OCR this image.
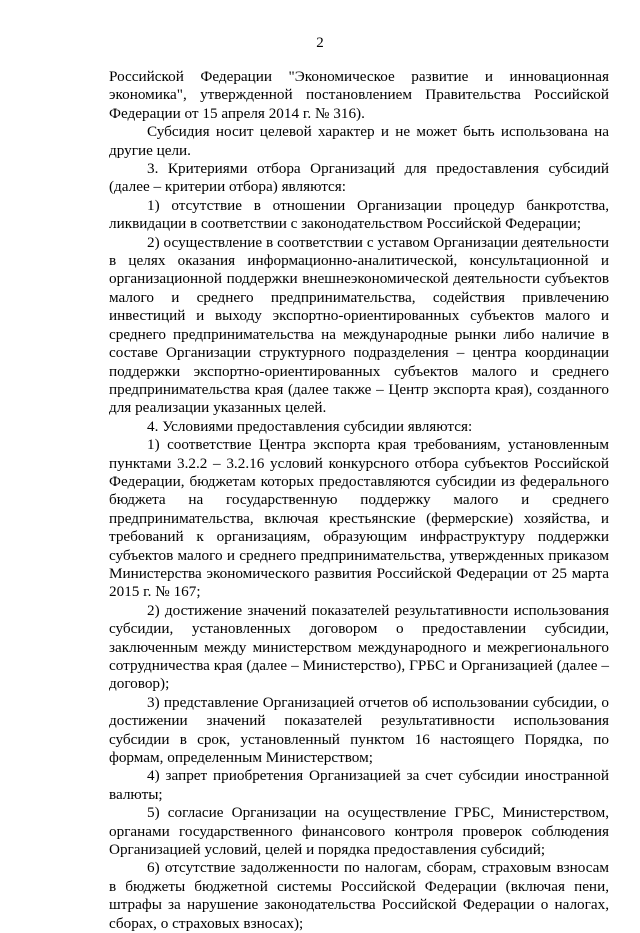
2

Российской Федерации "Экономическое развитие и инновационная экономика", утвержденной постановлением Правительства Российской Федерации от 15 апреля 2014 г. № 316).

Субсидия носит целевой характер и не может быть использована на другие цели.

3. Критериями отбора Организаций для предоставления субсидий (далее – критерии отбора) являются:

1) отсутствие в отношении Организации процедур банкротства, ликвидации в соответствии с законодательством Российской Федерации;

2) осуществление в соответствии с уставом Организации деятельности в целях оказания информационно-аналитической, консультационной и организационной поддержки внешнеэкономической деятельности субъектов малого и среднего предпринимательства, содействия привлечению инвестиций и выходу экспортно-ориентированных субъектов малого и среднего предпринимательства на международные рынки либо наличие в составе Организации структурного подразделения – центра координации поддержки экспортно-ориентированных субъектов малого и среднего предпринимательства края (далее также – Центр экспорта края), созданного для реализации указанных целей.

4. Условиями предоставления субсидии являются:

1) соответствие Центра экспорта края требованиям, установленным пунктами 3.2.2 – 3.2.16 условий конкурсного отбора субъектов Российской Федерации, бюджетам которых предоставляются субсидии из федерального бюджета на государственную поддержку малого и среднего предпринимательства, включая крестьянские (фермерские) хозяйства, и требований к организациям, образующим инфраструктуру поддержки субъектов малого и среднего предпринимательства, утвержденных приказом Министерства экономического развития Российской Федерации от 25 марта 2015 г. № 167;

2) достижение значений показателей результативности использования субсидии, установленных договором о предоставлении субсидии, заключенным между министерством международного и межрегионального сотрудничества края (далее – Министерство), ГРБС и Организацией (далее – договор);

3) представление Организацией отчетов об использовании субсидии, о достижении значений показателей результативности использования субсидии в срок, установленный пунктом 16 настоящего Порядка, по формам, определенным Министерством;

4) запрет приобретения Организацией за счет субсидии иностранной валюты;

5) согласие Организации на осуществление ГРБС, Министерством, органами государственного финансового контроля проверок соблюдения Организацией условий, целей и порядка предоставления субсидий;

6) отсутствие задолженности по налогам, сборам, страховым взносам в бюджеты бюджетной системы Российской Федерации (включая пени, штрафы за нарушение законодательства Российской Федерации о налогах, сборах, о страховых взносах);
